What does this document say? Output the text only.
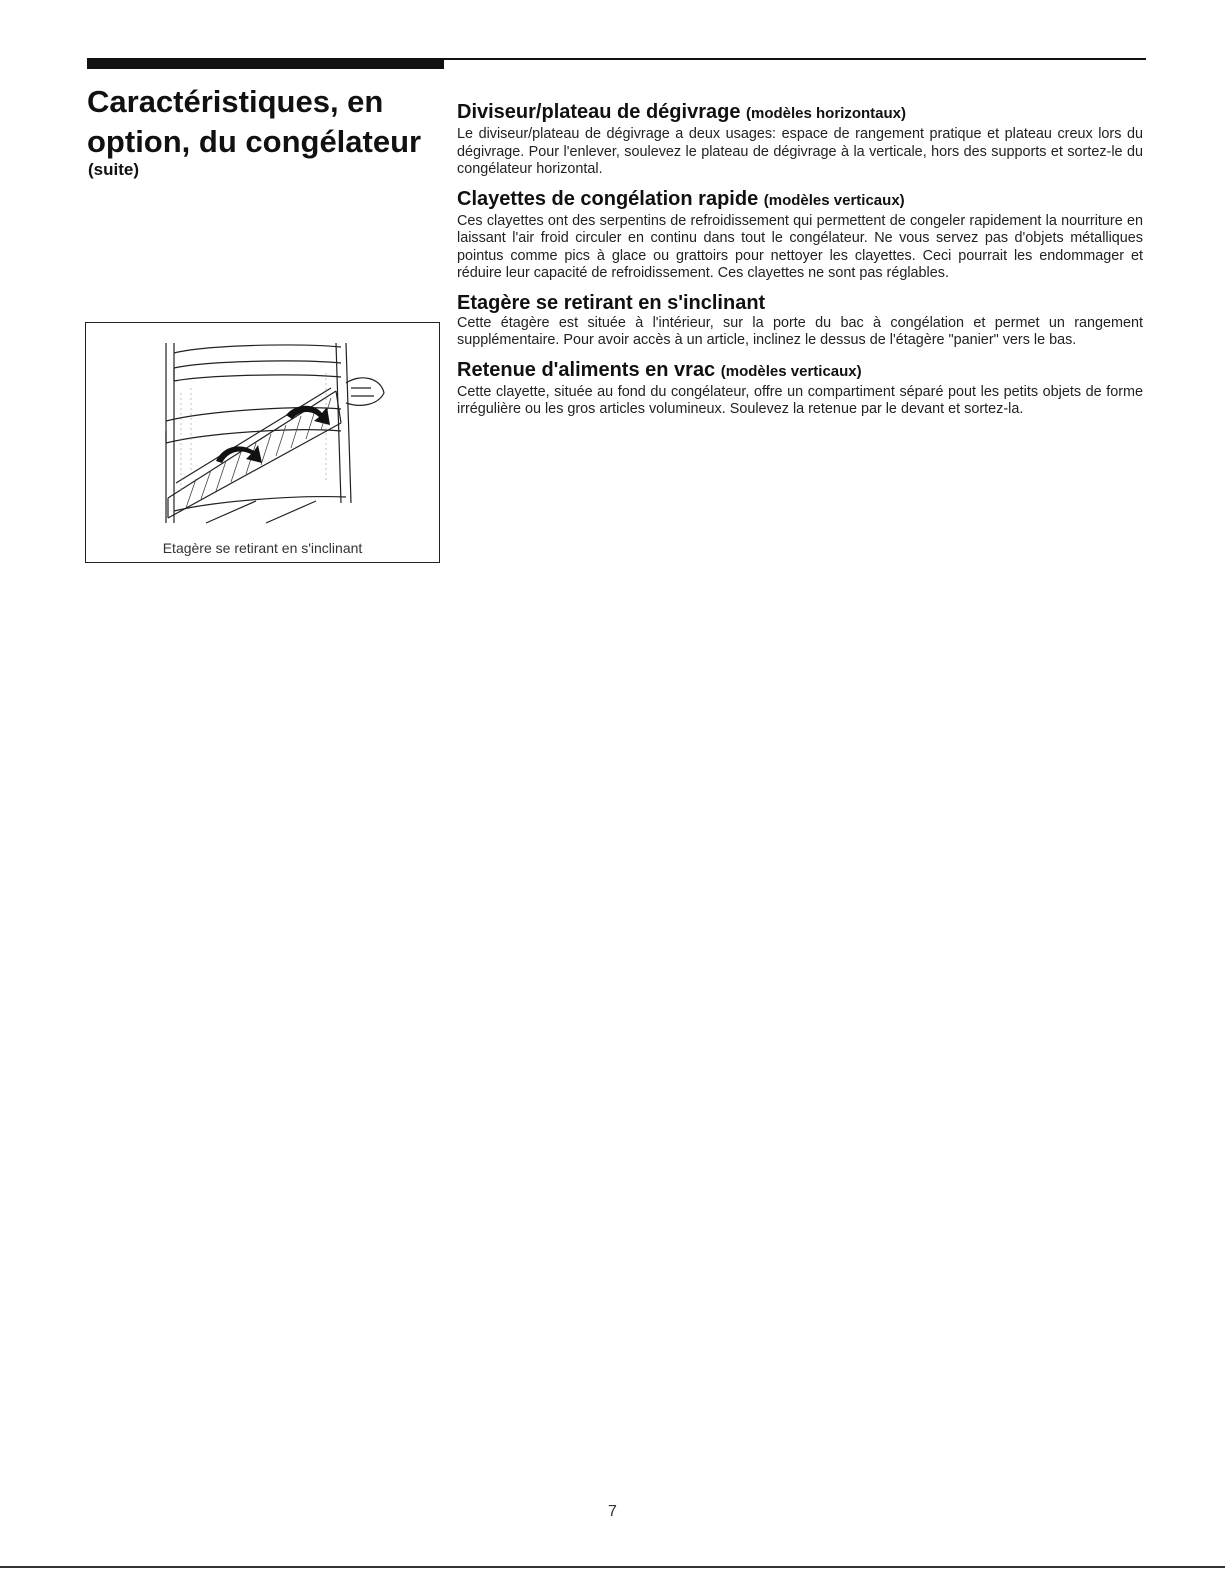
Caractéristiques, en option, du congélateur
(suite)
Etagère se retirant en s'inclinant
Diviseur/plateau de dégivrage (modèles horizontaux)

Le diviseur/plateau de dégivrage a deux usages: espace de rangement pratique et plateau creux lors du dégivrage. Pour l'enlever, soulevez le plateau de dégivrage à la verticale, hors des supports et sortez-le du congélateur horizontal.

Clayettes de congélation rapide (modèles verticaux)

Ces clayettes ont des serpentins de refroidissement qui permettent de congeler rapidement la nourriture en laissant l'air froid circuler en continu dans tout le congélateur. Ne vous servez pas d'objets métalliques pointus comme pics à glace ou grattoirs pour nettoyer les clayettes. Ceci pourrait les endommager et réduire leur capacité de refroidissement. Ces clayettes ne sont pas réglables.

Etagère se retirant en s'inclinant

Cette étagère est située à l'intérieur, sur la porte du bac à congélation et permet un rangement supplémentaire. Pour avoir accès à un article, inclinez le dessus de l'étagère "panier" vers le bas.

Retenue d'aliments en vrac (modèles verticaux)

Cette clayette, située au fond du congélateur, offre un compartiment séparé pout les petits objets de forme irrégulière ou les gros articles volumineux. Soulevez la retenue par le devant et sortez-la.

7
